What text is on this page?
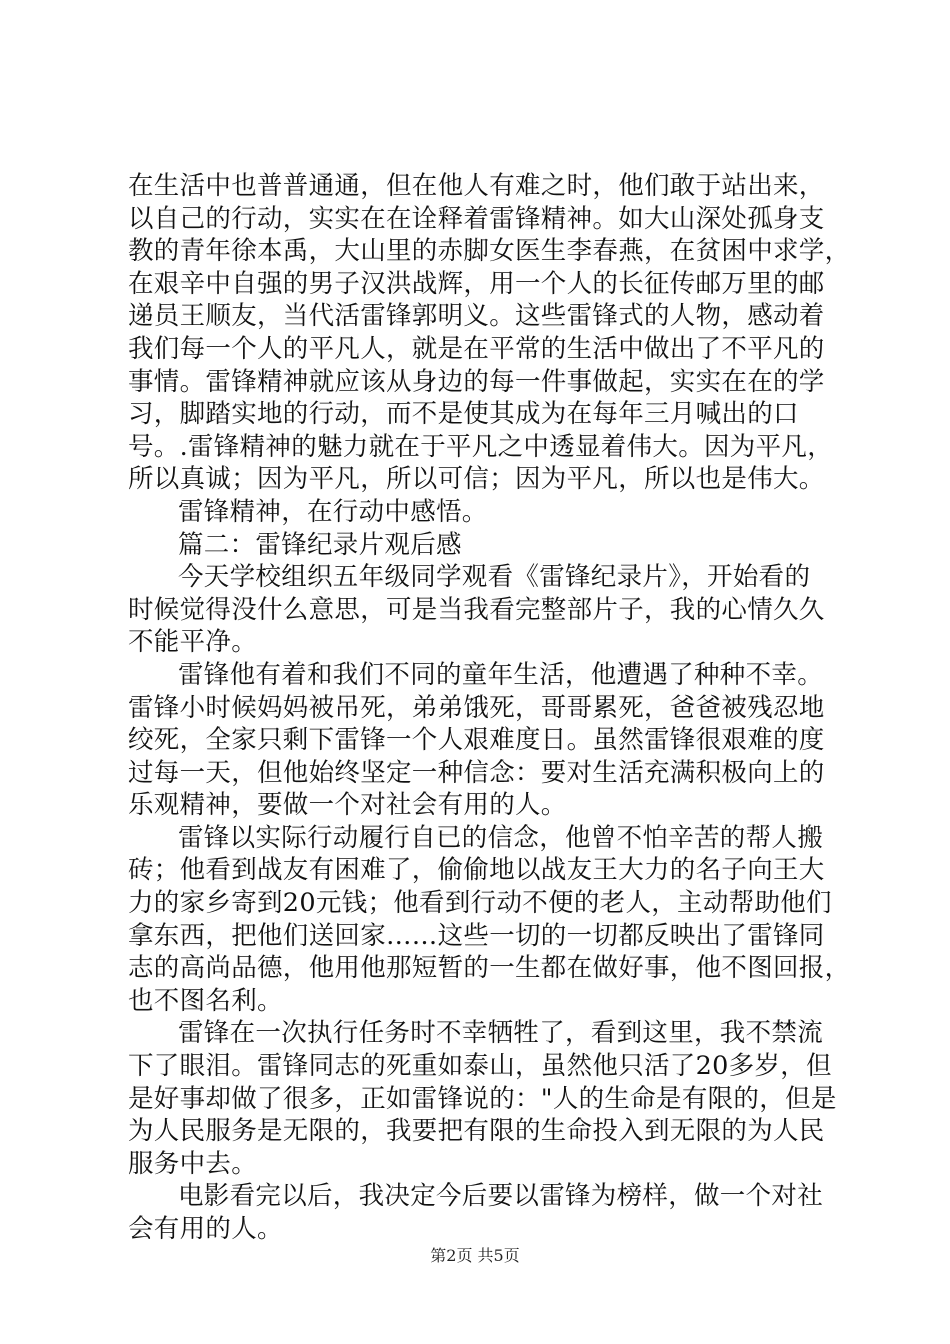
在生活中也普普通通，但在他人有难之时，他们敢于站出来，
以自己的行动，实实在在诠释着雷锋精神。如大山深处孤身支
教的青年徐本禹，大山里的赤脚女医生李春燕，在贫困中求学，
在艰辛中自强的男子汉洪战辉，用一个人的长征传邮万里的邮
递员王顺友，当代活雷锋郭明义。这些雷锋式的人物，感动着
我们每一个人的平凡人，就是在平常的生活中做出了不平凡的
事情。雷锋精神就应该从身边的每一件事做起，实实在在的学
习，脚踏实地的行动，而不是使其成为在每年三月喊出的口
号。.雷锋精神的魅力就在于平凡之中透显着伟大。因为平凡，
所以真诚；因为平凡，所以可信；因为平凡，所以也是伟大。
雷锋精神，在行动中感悟。
篇二：雷锋纪录片观后感
今天学校组织五年级同学观看《雷锋纪录片》，开始看的
时候觉得没什么意思，可是当我看完整部片子，我的心情久久
不能平净。
雷锋他有着和我们不同的童年生活，他遭遇了种种不幸。
雷锋小时候妈妈被吊死，弟弟饿死，哥哥累死，爸爸被残忍地
绞死，全家只剩下雷锋一个人艰难度日。虽然雷锋很艰难的度
过每一天，但他始终坚定一种信念：要对生活充满积极向上的
乐观精神，要做一个对社会有用的人。
雷锋以实际行动履行自已的信念，他曾不怕辛苦的帮人搬
砖；他看到战友有困难了，偷偷地以战友王大力的名子向王大
力的家乡寄到20元钱；他看到行动不便的老人，主动帮助他们
拿东西，把他们送回家……这些一切的一切都反映出了雷锋同
志的高尚品德，他用他那短暂的一生都在做好事，他不图回报，
也不图名利。
雷锋在一次执行任务时不幸牺牲了，看到这里，我不禁流
下了眼泪。雷锋同志的死重如泰山，虽然他只活了20多岁，但
是好事却做了很多，正如雷锋说的："人的生命是有限的，但是
为人民服务是无限的，我要把有限的生命投入到无限的为人民
服务中去。
电影看完以后，我决定今后要以雷锋为榜样，做一个对社
会有用的人。
第2页 共5页
